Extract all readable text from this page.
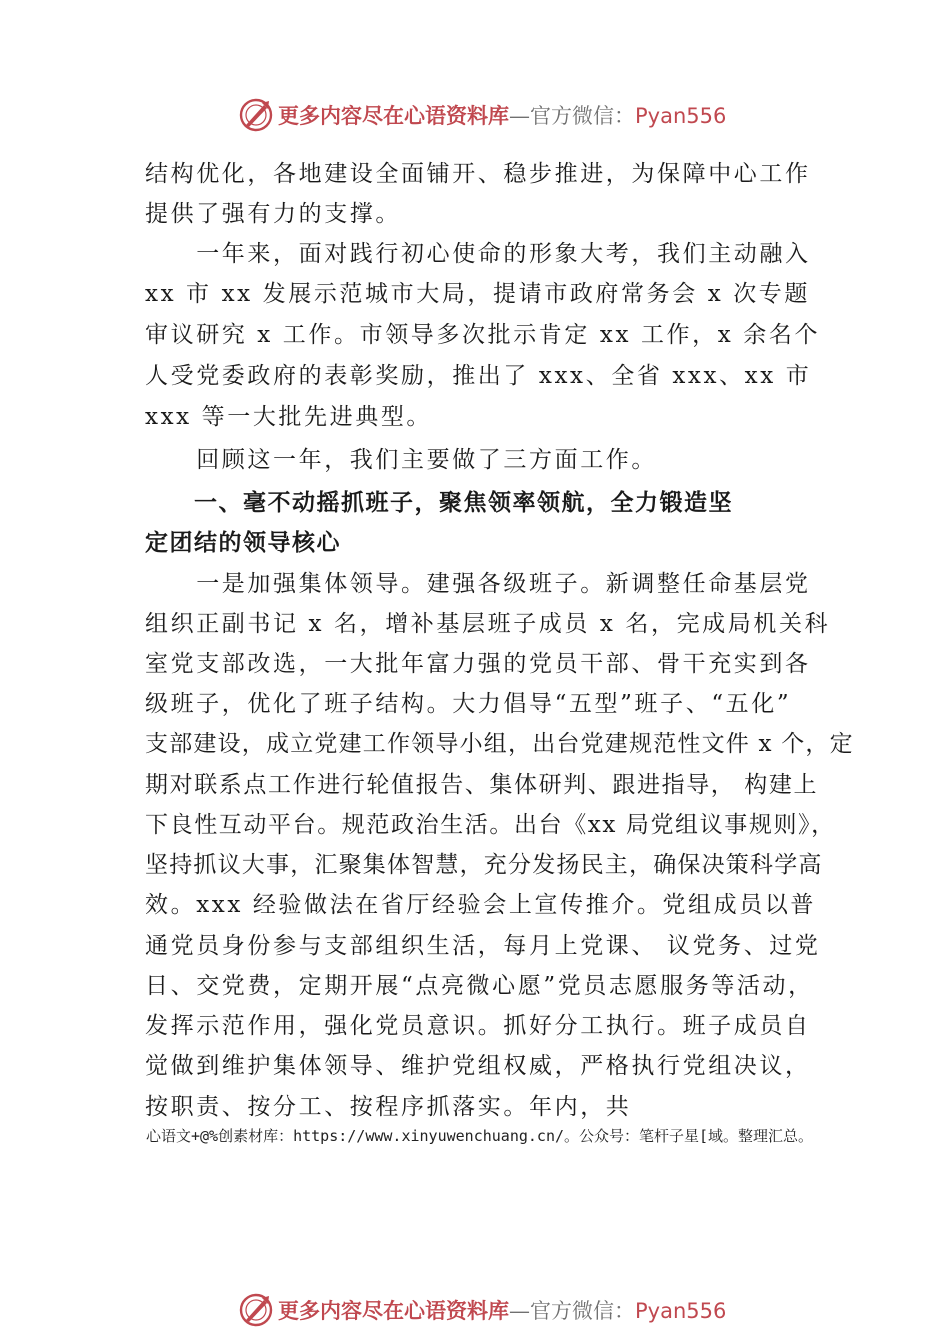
更多内容尽在心语资料库—官方微信：Pyan556
结构优化，各地建设全面铺开、稳步推进，为保障中心工作
提供了强有力的支撑。
　　一年来，面对践行初心使命的形象大考，我们主动融入
xx 市 xx 发展示范城市大局，提请市政府常务会 x 次专题
审议研究 x 工作。市领导多次批示肯定 xx 工作，x 余名个
人受党委政府的表彰奖励，推出了 xxx、全省 xxx、xx 市
xxx 等一大批先进典型。
　　回顾这一年，我们主要做了三方面工作。
　　一、毫不动摇抓班子，聚焦领率领航，全力锻造坚
定团结的领导核心
　　一是加强集体领导。建强各级班子。新调整任命基层党
组织正副书记 x 名，增补基层班子成员 x 名，完成局机关科
室党支部改选，一大批年富力强的党员干部、骨干充实到各
级班子，优化了班子结构。大力倡导“五型”班子、“五化”
支部建设，成立党建工作领导小组，出台党建规范性文件 x 个，定
期对联系点工作进行轮值报告、集体研判、跟进指导， 构建上
下良性互动平台。规范政治生活。出台《xx 局党组议事规则》，
坚持抓议大事，汇聚集体智慧，充分发扬民主，确保决策科学高
效。xxx 经验做法在省厅经验会上宣传推介。党组成员以普
通党员身份参与支部组织生活，每月上党课、 议党务、过党
日、交党费，定期开展“点亮微心愿”党员志愿服务等活动，
发挥示范作用，强化党员意识。抓好分工执行。班子成员自
觉做到维护集体领导、维护党组权威，严格执行党组决议，
按职责、按分工、按程序抓落实。年内，共
心语文+@%创素材库：https://www.xinyuwenchuang.cn/。公众号：笔杆子星[域。整理汇总。
更多内容尽在心语资料库—官方微信：Pyan556
